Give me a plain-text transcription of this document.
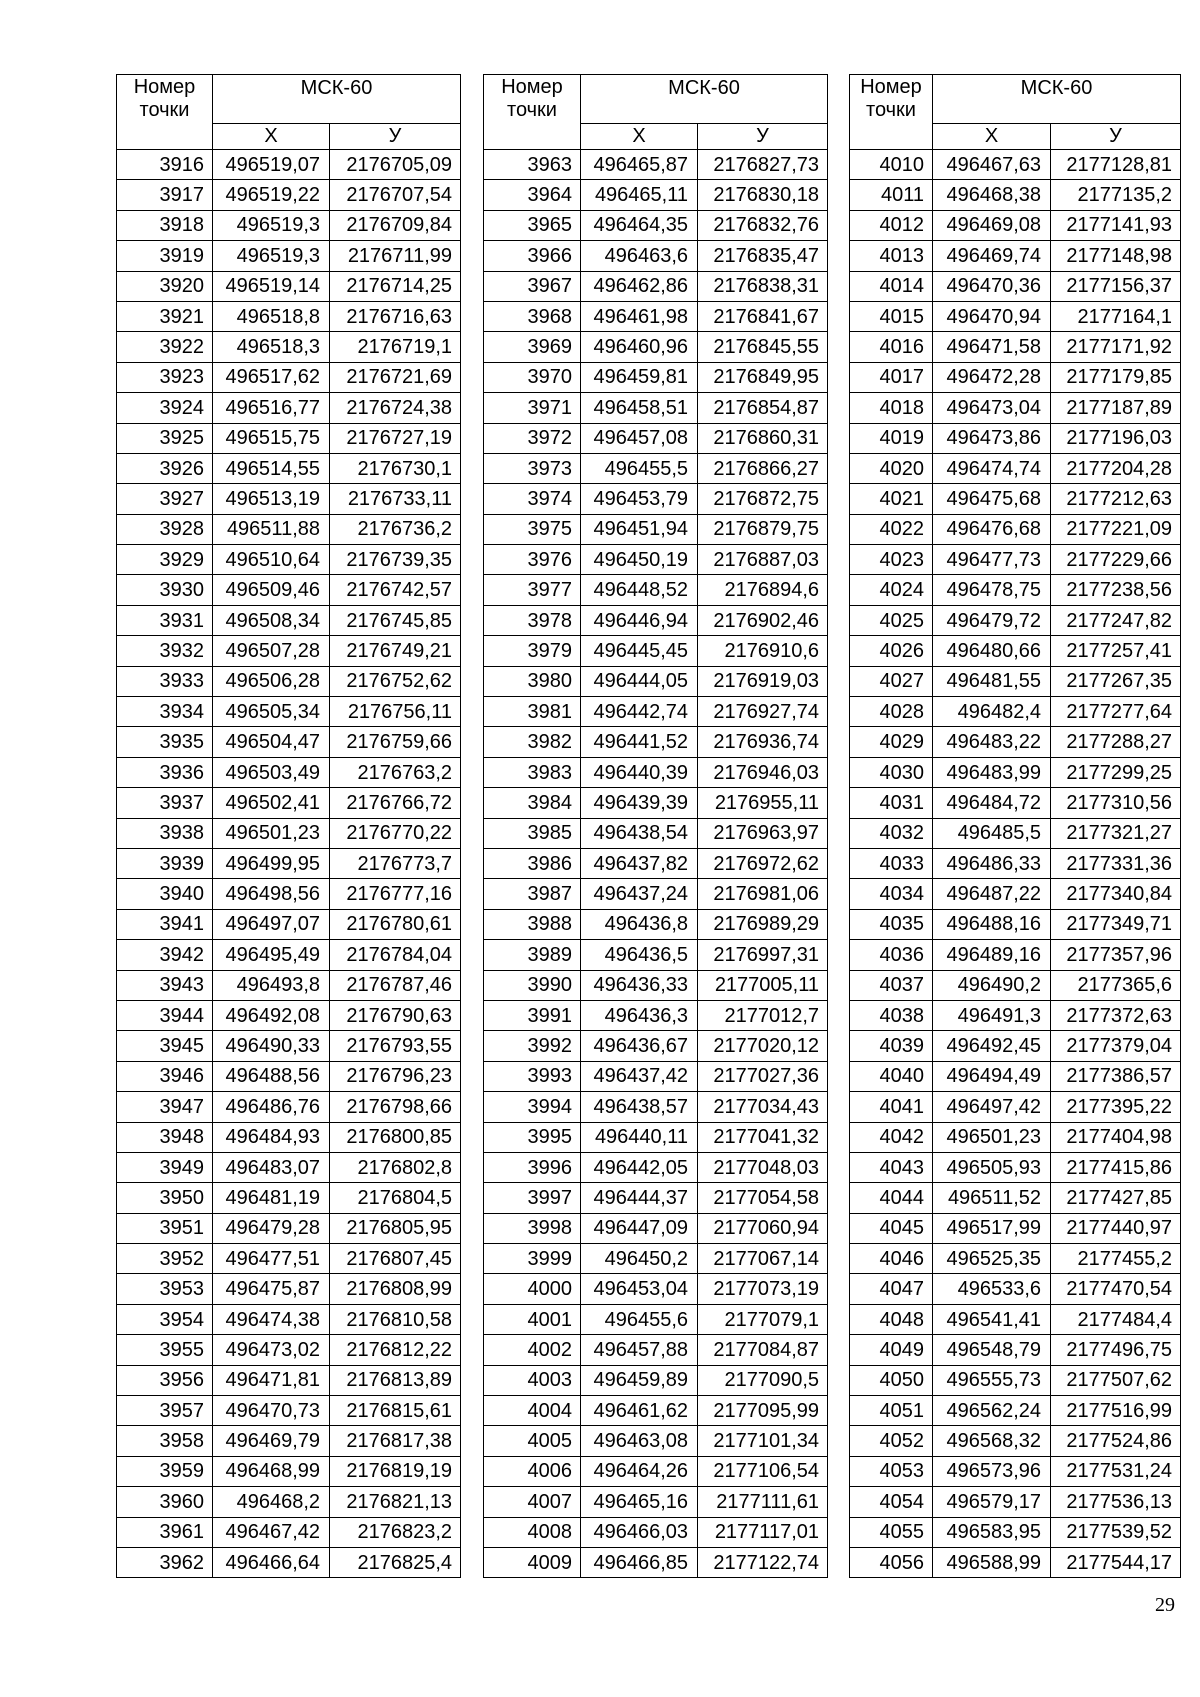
Номер точки	МСК-60	
	Х	У
3916	496519,07	2176705,09
3917	496519,22	2176707,54
3918	496519,3	2176709,84
3919	496519,3	2176711,99
3920	496519,14	2176714,25
3921	496518,8	2176716,63
3922	496518,3	2176719,1
3923	496517,62	2176721,69
3924	496516,77	2176724,38
3925	496515,75	2176727,19
3926	496514,55	2176730,1
3927	496513,19	2176733,11
3928	496511,88	2176736,2
3929	496510,64	2176739,35
3930	496509,46	2176742,57
3931	496508,34	2176745,85
3932	496507,28	2176749,21
3933	496506,28	2176752,62
3934	496505,34	2176756,11
3935	496504,47	2176759,66
3936	496503,49	2176763,2
3937	496502,41	2176766,72
3938	496501,23	2176770,22
3939	496499,95	2176773,7
3940	496498,56	2176777,16
3941	496497,07	2176780,61
3942	496495,49	2176784,04
3943	496493,8	2176787,46
3944	496492,08	2176790,63
3945	496490,33	2176793,55
3946	496488,56	2176796,23
3947	496486,76	2176798,66
3948	496484,93	2176800,85
3949	496483,07	2176802,8
3950	496481,19	2176804,5
3951	496479,28	2176805,95
3952	496477,51	2176807,45
3953	496475,87	2176808,99
3954	496474,38	2176810,58
3955	496473,02	2176812,22
3956	496471,81	2176813,89
3957	496470,73	2176815,61
3958	496469,79	2176817,38
3959	496468,99	2176819,19
3960	496468,2	2176821,13
3961	496467,42	2176823,2
3962	496466,64	2176825,4
Номер точки	МСК-60	
	Х	У
3963	496465,87	2176827,73
3964	496465,11	2176830,18
3965	496464,35	2176832,76
3966	496463,6	2176835,47
3967	496462,86	2176838,31
3968	496461,98	2176841,67
3969	496460,96	2176845,55
3970	496459,81	2176849,95
3971	496458,51	2176854,87
3972	496457,08	2176860,31
3973	496455,5	2176866,27
3974	496453,79	2176872,75
3975	496451,94	2176879,75
3976	496450,19	2176887,03
3977	496448,52	2176894,6
3978	496446,94	2176902,46
3979	496445,45	2176910,6
3980	496444,05	2176919,03
3981	496442,74	2176927,74
3982	496441,52	2176936,74
3983	496440,39	2176946,03
3984	496439,39	2176955,11
3985	496438,54	2176963,97
3986	496437,82	2176972,62
3987	496437,24	2176981,06
3988	496436,8	2176989,29
3989	496436,5	2176997,31
3990	496436,33	2177005,11
3991	496436,3	2177012,7
3992	496436,67	2177020,12
3993	496437,42	2177027,36
3994	496438,57	2177034,43
3995	496440,11	2177041,32
3996	496442,05	2177048,03
3997	496444,37	2177054,58
3998	496447,09	2177060,94
3999	496450,2	2177067,14
4000	496453,04	2177073,19
4001	496455,6	2177079,1
4002	496457,88	2177084,87
4003	496459,89	2177090,5
4004	496461,62	2177095,99
4005	496463,08	2177101,34
4006	496464,26	2177106,54
4007	496465,16	2177111,61
4008	496466,03	2177117,01
4009	496466,85	2177122,74
Номер точки	МСК-60	
	Х	У
4010	496467,63	2177128,81
4011	496468,38	2177135,2
4012	496469,08	2177141,93
4013	496469,74	2177148,98
4014	496470,36	2177156,37
4015	496470,94	2177164,1
4016	496471,58	2177171,92
4017	496472,28	2177179,85
4018	496473,04	2177187,89
4019	496473,86	2177196,03
4020	496474,74	2177204,28
4021	496475,68	2177212,63
4022	496476,68	2177221,09
4023	496477,73	2177229,66
4024	496478,75	2177238,56
4025	496479,72	2177247,82
4026	496480,66	2177257,41
4027	496481,55	2177267,35
4028	496482,4	2177277,64
4029	496483,22	2177288,27
4030	496483,99	2177299,25
4031	496484,72	2177310,56
4032	496485,5	2177321,27
4033	496486,33	2177331,36
4034	496487,22	2177340,84
4035	496488,16	2177349,71
4036	496489,16	2177357,96
4037	496490,2	2177365,6
4038	496491,3	2177372,63
4039	496492,45	2177379,04
4040	496494,49	2177386,57
4041	496497,42	2177395,22
4042	496501,23	2177404,98
4043	496505,93	2177415,86
4044	496511,52	2177427,85
4045	496517,99	2177440,97
4046	496525,35	2177455,2
4047	496533,6	2177470,54
4048	496541,41	2177484,4
4049	496548,79	2177496,75
4050	496555,73	2177507,62
4051	496562,24	2177516,99
4052	496568,32	2177524,86
4053	496573,96	2177531,24
4054	496579,17	2177536,13
4055	496583,95	2177539,52
4056	496588,99	2177544,17
29
